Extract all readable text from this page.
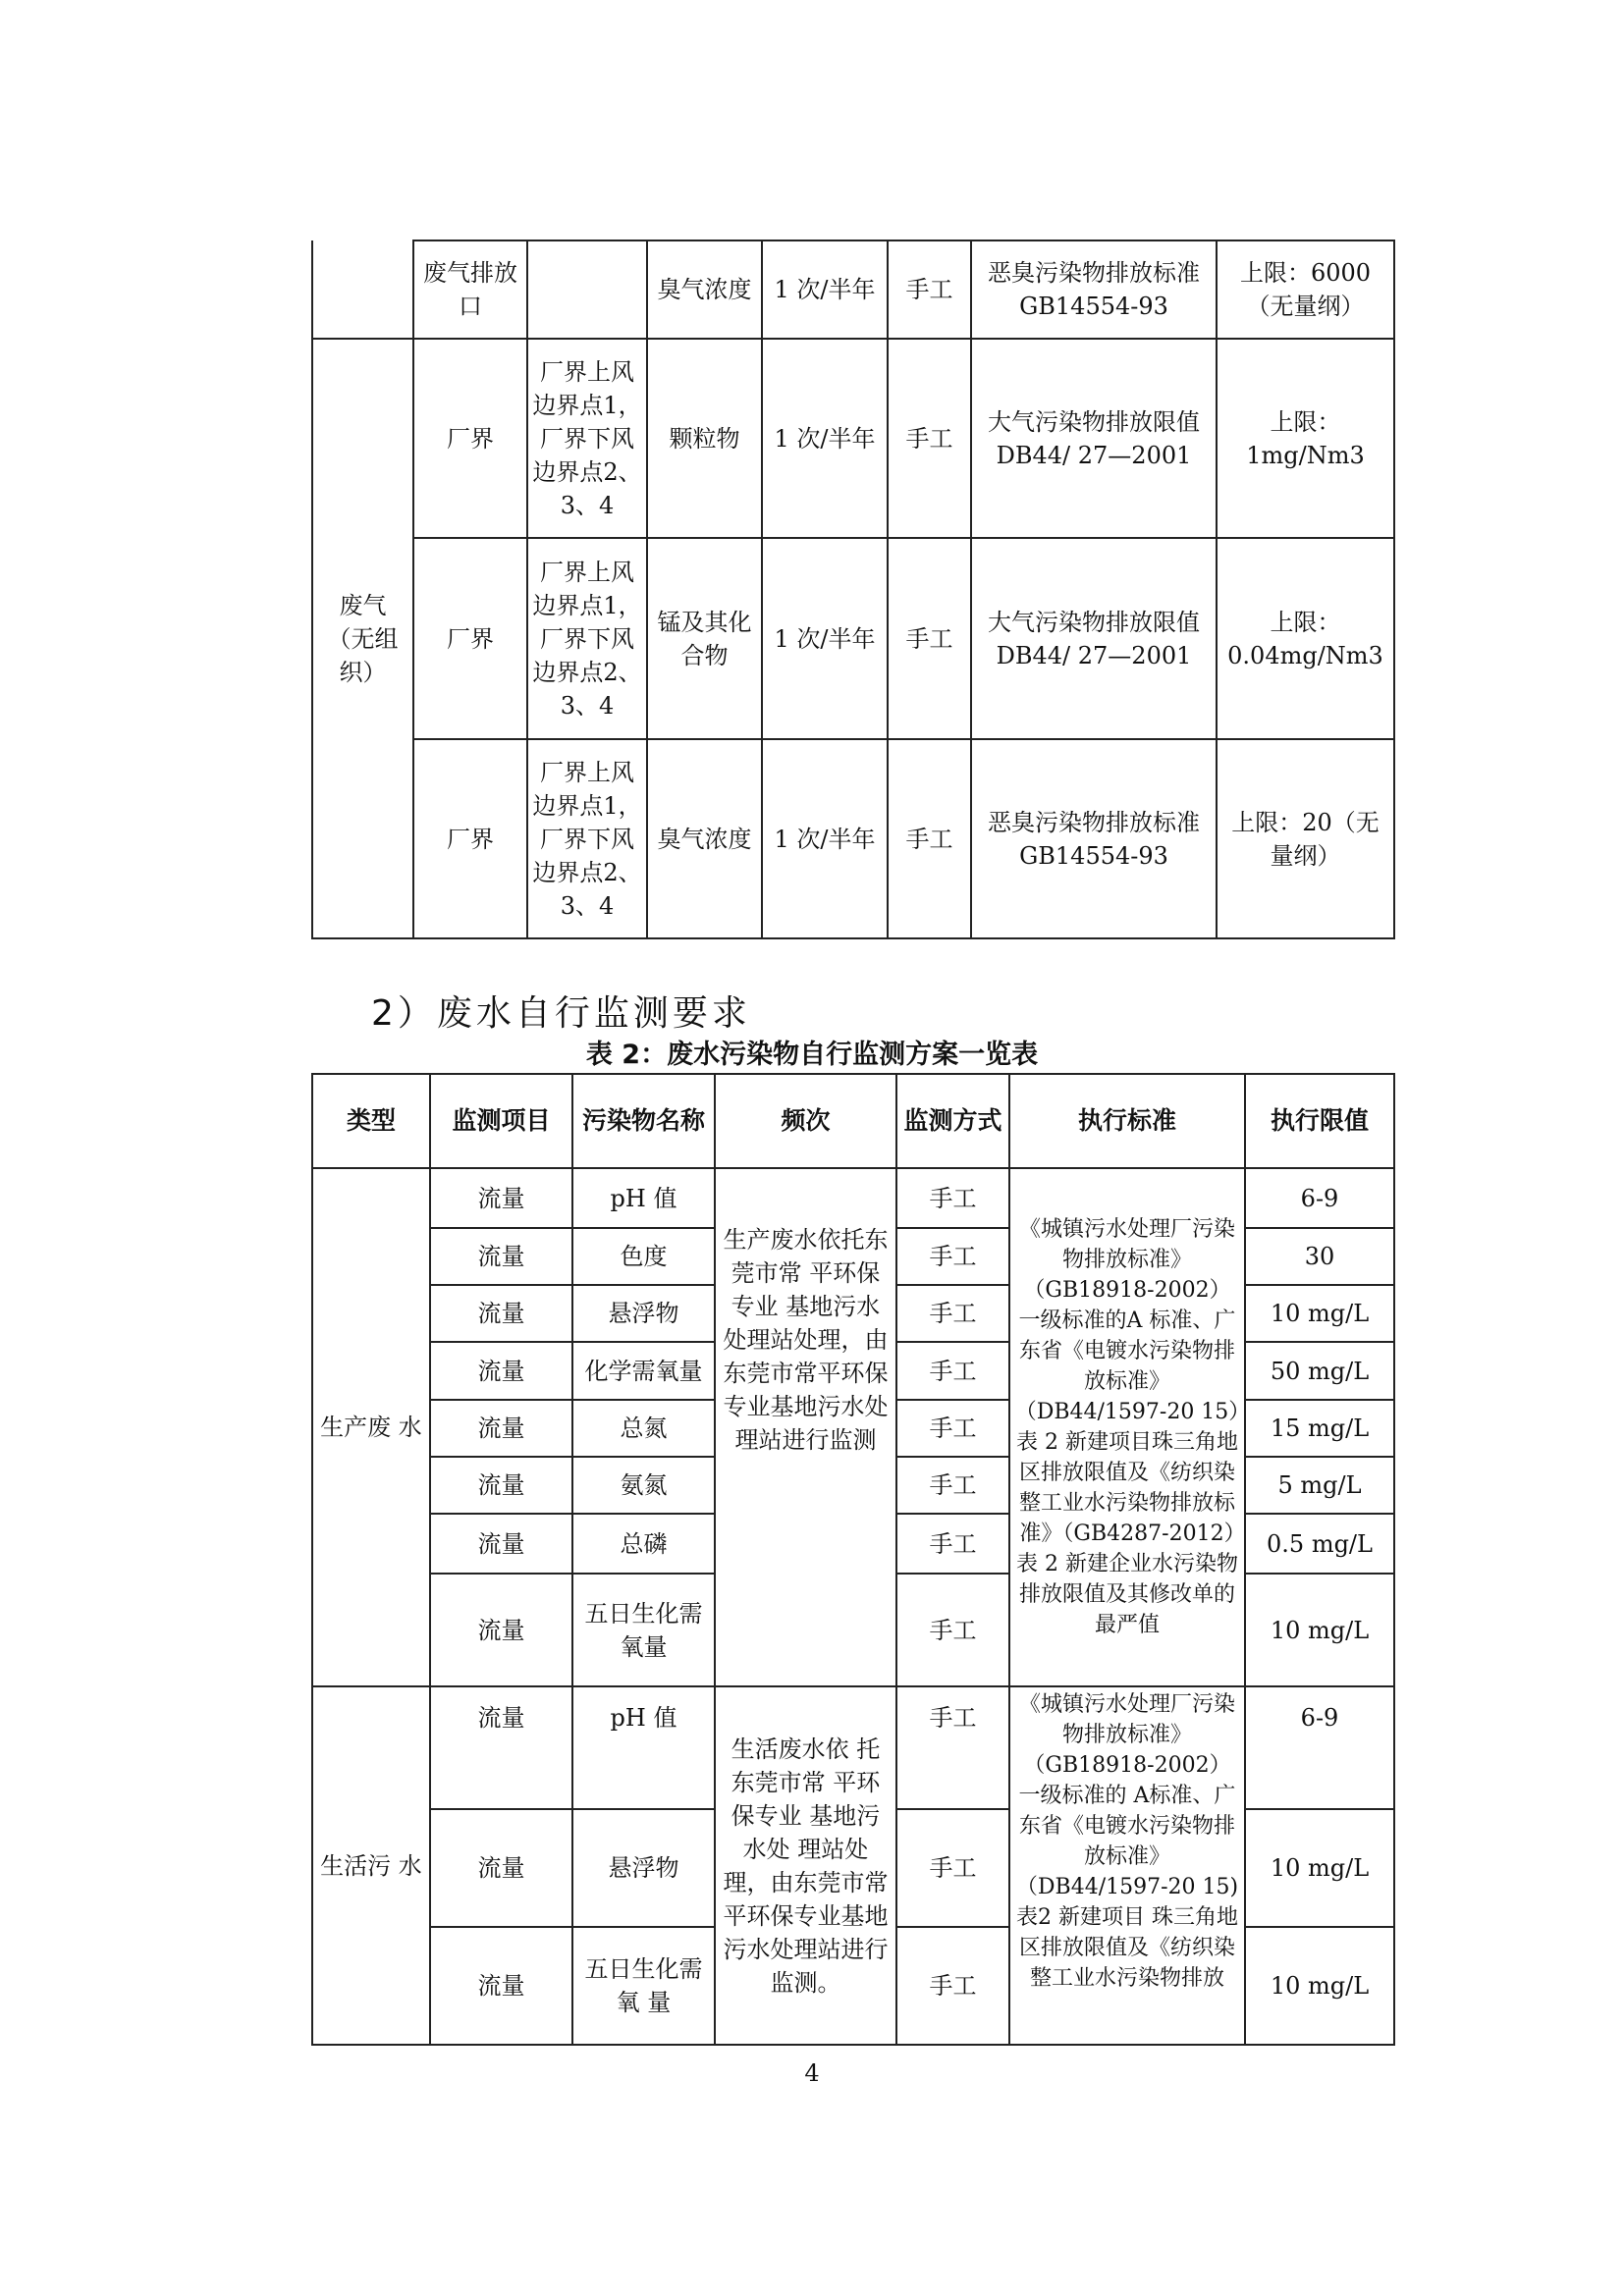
	废气排放口		臭气浓度	1 次/半年	手工	恶臭污染物排放标准 GB14554-93	上限：6000（无量纲）
废气（无组织）	厂界	厂界上风边界点1，厂界下风边界点2、3、4	颗粒物	1 次/半年	手工	大气污染物排放限值 DB44/ 27—2001	上限：1mg/Nm3
	厂界	厂界上风边界点1，厂界下风边界点2、3、4	锰及其化合物	1 次/半年	手工	大气污染物排放限值 DB44/ 27—2001	上限：0.04mg/Nm3
	厂界	厂界上风边界点1，厂界下风边界点2、3、4	臭气浓度	1 次/半年	手工	恶臭污染物排放标准 GB14554-93	上限：20（无量纲）
2）废水自行监测要求
表 2：废水污染物自行监测方案一览表
类型	监测项目	污染物名称	频次	监测方式	执行标准	执行限值
生产废 水	流量	pH 值	生产废水依托东莞市常 平环保专业 基地污水处理站处理，由东莞市常平环保专业基地污水处理站进行监测	手工	《城镇污水处理厂污染物排放标准》（GB18918-2002）一级标准的A 标准、广东省《电镀水污染物排放标准》（DB44/1597-20 15）表 2 新建项目珠三角地区排放限值及《纺织染整工业水污染物排放标准》（GB4287-2012）表 2 新建企业水污染物 排放限值及其修改单的最严值	6-9
	流量	色度		手工		30
	流量	悬浮物		手工		10 mg/L
	流量	化学需氧量		手工		50 mg/L
	流量	总氮		手工		15 mg/L
	流量	氨氮		手工		5 mg/L
	流量	总磷		手工		0.5 mg/L
	流量	五日生化需氧量		手工		10 mg/L
生活污 水	流量	pH 值	生活废水依 托东莞市常 平环保专业 基地污水处 理站处理，由东莞市常 平环保专业基地污水处理站进行监测。	手工	《城镇污水处理厂污染物排放标准》（GB18918-2002）一级标准的 A标准、广东省《电镀水污染物排放标准》（DB44/1597-20 15)表2 新建项目 珠三角地区排放限值及《纺织染整工业水污染物排放	6-9
	流量	悬浮物		手工		10 mg/L
	流量	五日生化需 氧 量		手工		10 mg/L
4
